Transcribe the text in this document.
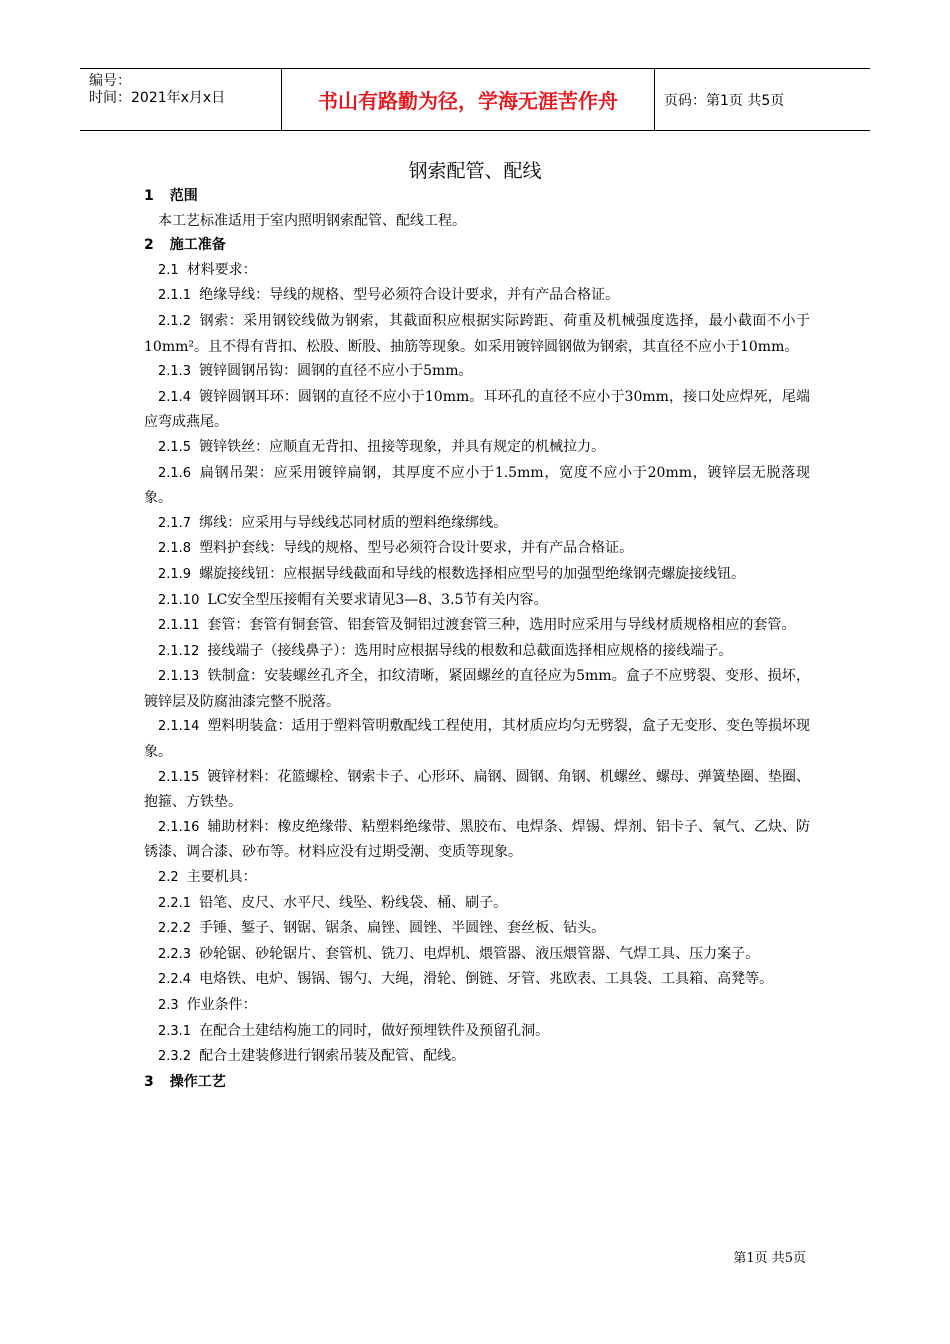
编号：
时间：2021年x月x日	书山有路勤为径，学海无涯苦作舟	页码：第1页 共5页
钢索配管、配线

1 范围

本工艺标准适用于室内照明钢索配管、配线工程。

2 施工准备

2.1 材料要求：

2.1.1 绝缘导线：导线的规格、型号必须符合设计要求，并有产品合格证。

2.1.2 钢索：采用钢铰线做为钢索，其截面积应根据实际跨距、荷重及机械强度选择，最小截面不小于10mm²。且不得有背扣、松股、断股、抽筋等现象。如采用镀锌圆钢做为钢索，其直径不应小于10mm。

2.1.3 镀锌圆钢吊钩：圆钢的直径不应小于5mm。

2.1.4 镀锌圆钢耳环：圆钢的直径不应小于10mm。耳环孔的直径不应小于30mm，接口处应焊死，尾端应弯成燕尾。

2.1.5 镀锌铁丝：应顺直无背扣、扭接等现象，并具有规定的机械拉力。

2.1.6 扁钢吊架：应采用镀锌扁钢，其厚度不应小于1.5mm，宽度不应小于20mm，镀锌层无脱落现象。

2.1.7 绑线：应采用与导线线芯同材质的塑料绝缘绑线。

2.1.8 塑料护套线：导线的规格、型号必须符合设计要求，并有产品合格证。

2.1.9 螺旋接线钮：应根据导线截面和导线的根数选择相应型号的加强型绝缘钢壳螺旋接线钮。

2.1.10 LC安全型压接帽有关要求请见3—8、3.5节有关内容。

2.1.11 套管：套管有铜套管、铝套管及铜铝过渡套管三种，选用时应采用与导线材质规格相应的套管。

2.1.12 接线端子（接线鼻子）：选用时应根据导线的根数和总截面选择相应规格的接线端子。

2.1.13 铁制盒：安装螺丝孔齐全，扣纹清晰，紧固螺丝的直径应为5mm。盒子不应劈裂、变形、损坏，镀锌层及防腐油漆完整不脱落。

2.1.14 塑料明装盒：适用于塑料管明敷配线工程使用，其材质应均匀无劈裂，盒子无变形、变色等损坏现象。

2.1.15 镀锌材料：花篮螺栓、钢索卡子、心形环、扁钢、圆钢、角钢、机螺丝、螺母、弹簧垫圈、垫圈、抱箍、方铁垫。

2.1.16 辅助材料：橡皮绝缘带、粘塑料绝缘带、黑胶布、电焊条、焊锡、焊剂、铝卡子、氧气、乙炔、防锈漆、调合漆、砂布等。材料应没有过期受潮、变质等现象。

2.2 主要机具：

2.2.1 铅笔、皮尺、水平尺、线坠、粉线袋、桶、刷子。

2.2.2 手锤、錾子、钢锯、锯条、扁锉、圆锉、半圆锉、套丝板、钻头。

2.2.3 砂轮锯、砂轮锯片、套管机、铣刀、电焊机、煨管器、液压煨管器、气焊工具、压力案子。

2.2.4 电烙铁、电炉、锡锅、锡勺、大绳，滑轮、倒链、牙管、兆欧表、工具袋、工具箱、高凳等。

2.3 作业条件：

2.3.1 在配合土建结构施工的同时，做好预埋铁件及预留孔洞。

2.3.2 配合土建装修进行钢索吊装及配管、配线。

3 操作工艺

第1页 共5页
